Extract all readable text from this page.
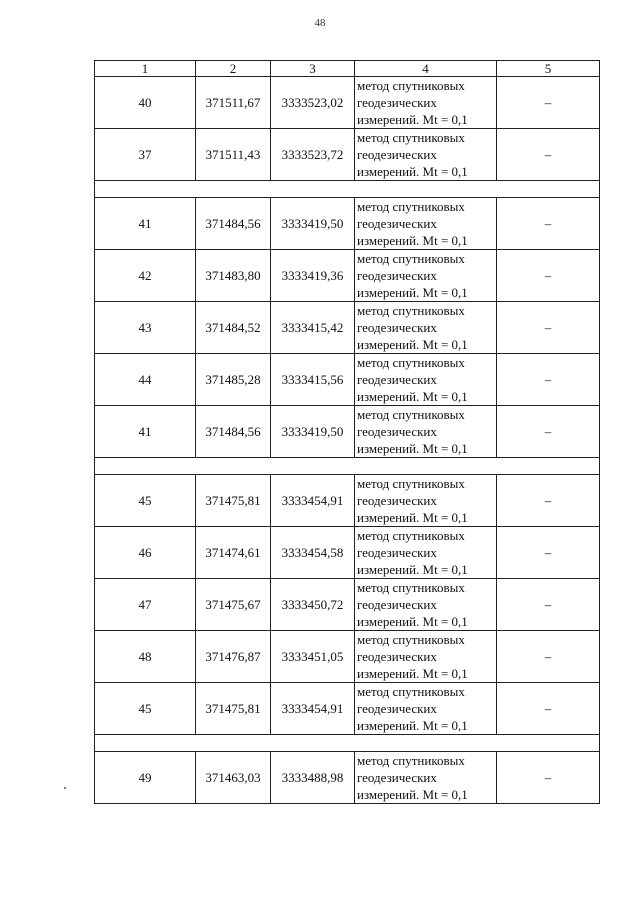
48
1	2	3	4	5
40	371511,67	3333523,02	метод спутниковых
геодезических
измерений. Mt = 0,1	–
37	371511,43	3333523,72	метод спутниковых
геодезических
измерений. Mt = 0,1	–

41	371484,56	3333419,50	метод спутниковых
геодезических
измерений. Mt = 0,1	–
42	371483,80	3333419,36	метод спутниковых
геодезических
измерений. Mt = 0,1	–
43	371484,52	3333415,42	метод спутниковых
геодезических
измерений. Mt = 0,1	–
44	371485,28	3333415,56	метод спутниковых
геодезических
измерений. Mt = 0,1	–
41	371484,56	3333419,50	метод спутниковых
геодезических
измерений. Mt = 0,1	–

45	371475,81	3333454,91	метод спутниковых
геодезических
измерений. Mt = 0,1	–
46	371474,61	3333454,58	метод спутниковых
геодезических
измерений. Mt = 0,1	–
47	371475,67	3333450,72	метод спутниковых
геодезических
измерений. Mt = 0,1	–
48	371476,87	3333451,05	метод спутниковых
геодезических
измерений. Mt = 0,1	–
45	371475,81	3333454,91	метод спутниковых
геодезических
измерений. Mt = 0,1	–

49	371463,03	3333488,98	метод спутниковых
геодезических
измерений. Mt = 0,1	–
